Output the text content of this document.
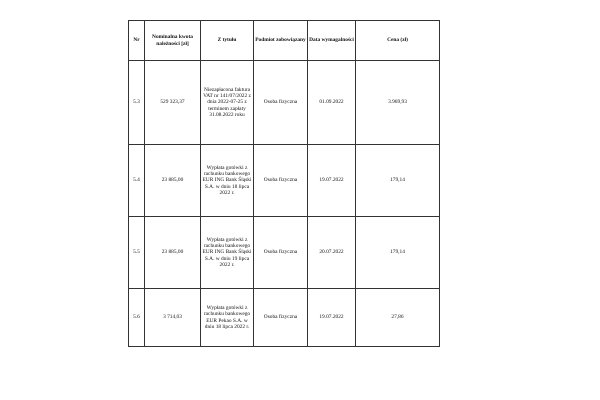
Nr	Nominalna kwota należności [zł]	Z tytułu	Podmiot zobowiązany	Data wymagalności	Cena (zł)
5.3	529 323,37	Niezapłacona faktura VAT nr 141/07/2022 z dnia 2022-07-25 z terminem zapłaty 31.08.2022 roku	Osoba fizyczna	01.09.2022	3.969,93
5.4	23 885,00	Wypłata gotówki z rachunku bankowego EUR ING Bank Śląski S.A. w dniu 18 lipca 2022 r.	Osoba fizyczna	19.07.2022	179,14
5.5	23 885,00	Wypłata gotówki z rachunku bankowego EUR ING Bank Śląski S.A. w dniu 19 lipca 2022 r.	Osoba fizyczna	20.07.2022	179,14
5.6	3 714,03	Wypłata gotówki z rachunku bankowego EUR Pekao S.A. w dniu 18 lipca 2022 r.	Osoba fizyczna	19.07.2022	27,86
